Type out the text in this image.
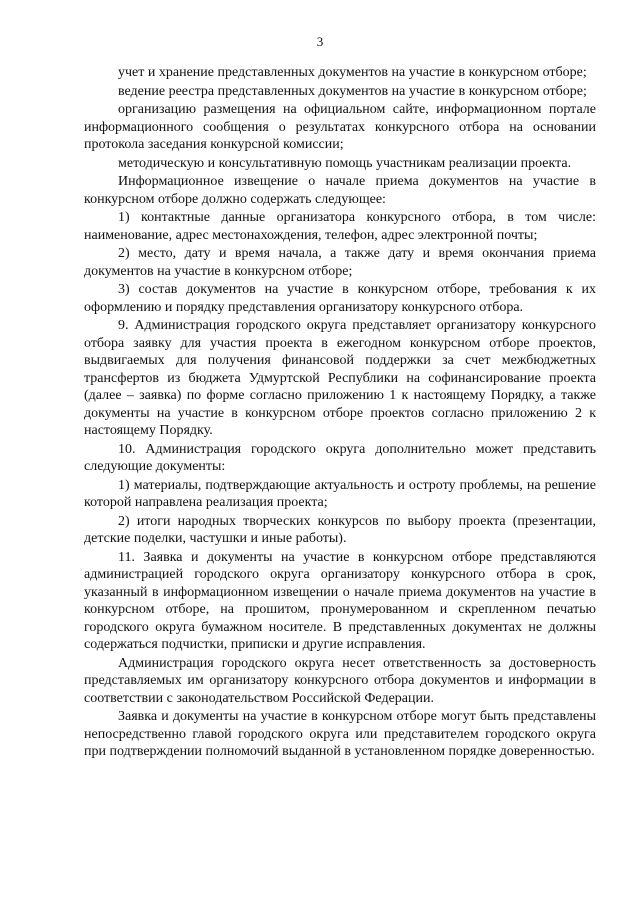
3

учет и хранение представленных документов на участие в конкурсном отборе;

ведение реестра представленных документов на участие в конкурсном отборе;

организацию размещения на официальном сайте, информационном портале информационного сообщения о результатах конкурсного отбора на основании протокола заседания конкурсной комиссии;

методическую и консультативную помощь участникам реализации проекта.

Информационное извещение о начале приема документов на участие в конкурсном отборе должно содержать следующее:

1) контактные данные организатора конкурсного отбора, в том числе: наименование, адрес местонахождения, телефон, адрес электронной почты;

2) место, дату и время начала, а также дату и время окончания приема документов на участие в конкурсном отборе;

3) состав документов на участие в конкурсном отборе, требования к их оформлению и порядку представления организатору конкурсного отбора.

9. Администрация городского округа представляет организатору конкурсного отбора заявку для участия проекта в ежегодном конкурсном отборе проектов, выдвигаемых для получения финансовой поддержки за счет межбюджетных трансфертов из бюджета Удмуртской Республики на софинансирование проекта (далее – заявка) по форме согласно приложению 1 к настоящему Порядку, а также документы на участие в конкурсном отборе проектов согласно приложению 2 к настоящему Порядку.

10. Администрация городского округа дополнительно может представить следующие документы:

1) материалы, подтверждающие актуальность и остроту проблемы, на решение которой направлена реализация проекта;

2) итоги народных творческих конкурсов по выбору проекта (презентации, детские поделки, частушки и иные работы).

11. Заявка и документы на участие в конкурсном отборе представляются администрацией городского округа организатору конкурсного отбора в срок, указанный в информационном извещении о начале приема документов на участие в конкурсном отборе, на прошитом, пронумерованном и скрепленном печатью городского округа бумажном носителе. В представленных документах не должны содержаться подчистки, приписки и другие исправления.

Администрация городского округа несет ответственность за достоверность представляемых им организатору конкурсного отбора документов и информации в соответствии с законодательством Российской Федерации.

Заявка и документы на участие в конкурсном отборе могут быть представлены непосредственно главой городского округа или представителем городского округа при подтверждении полномочий выданной в установленном порядке доверенностью.
